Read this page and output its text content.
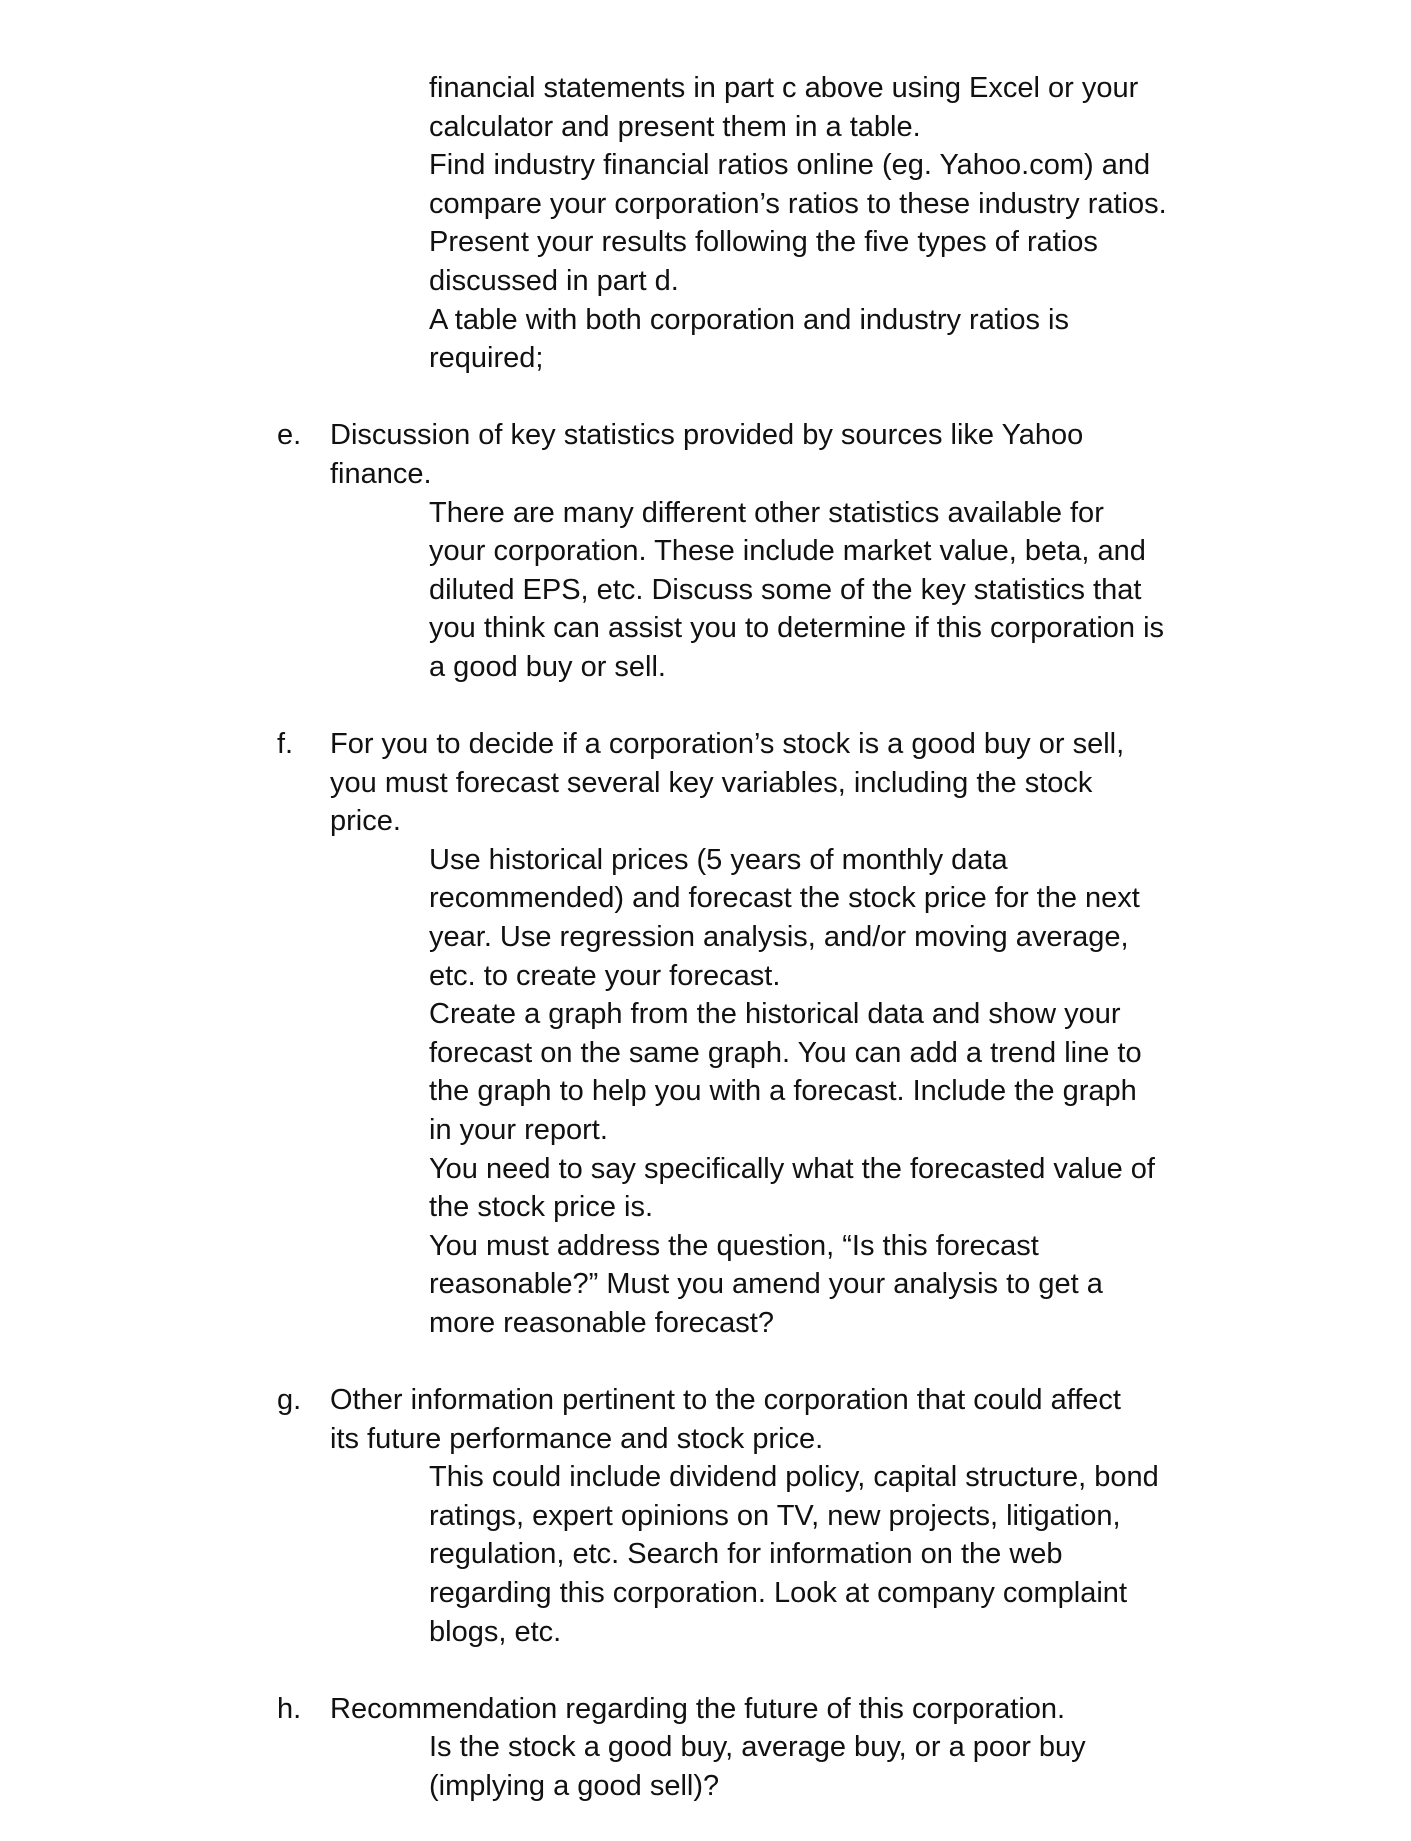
financial statements in part c above using Excel or your
calculator and present them in a table.
Find industry financial ratios online (eg. Yahoo.com) and
compare your corporation’s ratios to these industry ratios.
Present your results following the five types of ratios
discussed in part d.
A table with both corporation and industry ratios is
required;
e. Discussion of key statistics provided by sources like Yahoo
finance.
There are many different other statistics available for
your corporation. These include market value, beta, and
diluted EPS, etc. Discuss some of the key statistics that
you think can assist you to determine if this corporation is
a good buy or sell.
f. For you to decide if a corporation’s stock is a good buy or sell,
you must forecast several key variables, including the stock
price.
Use historical prices (5 years of monthly data
recommended) and forecast the stock price for the next
year. Use regression analysis, and/or moving average,
etc. to create your forecast.
Create a graph from the historical data and show your
forecast on the same graph. You can add a trend line to
the graph to help you with a forecast. Include the graph
in your report.
You need to say specifically what the forecasted value of
the stock price is.
You must address the question, “Is this forecast
reasonable?” Must you amend your analysis to get a
more reasonable forecast?
g. Other information pertinent to the corporation that could affect
its future performance and stock price.
This could include dividend policy, capital structure, bond
ratings, expert opinions on TV, new projects, litigation,
regulation, etc. Search for information on the web
regarding this corporation. Look at company complaint
blogs, etc.
h. Recommendation regarding the future of this corporation.
Is the stock a good buy, average buy, or a poor buy
(implying a good sell)?
